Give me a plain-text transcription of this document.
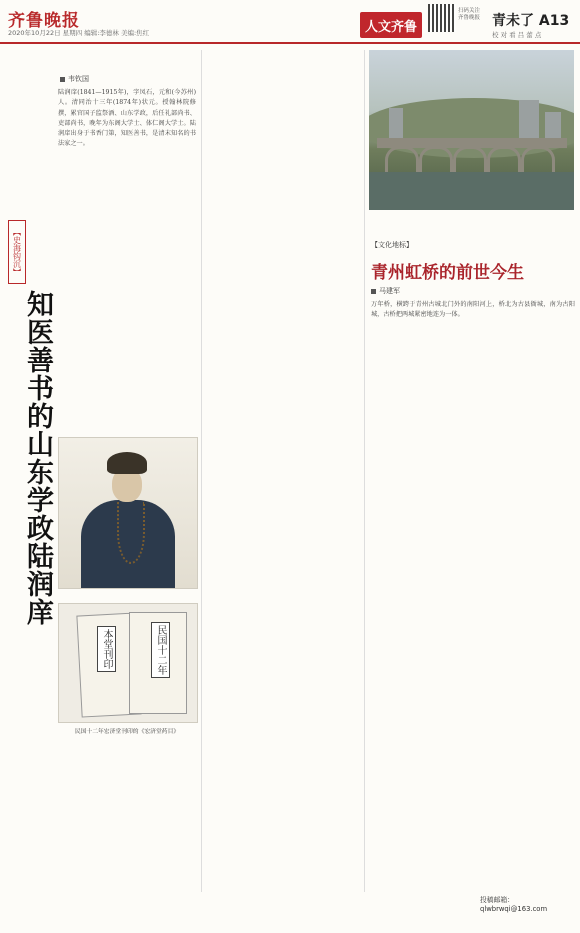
齐鲁晚报
2020年10月22日 星期四 编辑:李德林 美编:焦红	人文齐鲁
扫码关注 齐鲁晚报 青未了 A13
校 对 看 吕 蕾 点
【史海钩沉】
知医善书的山东学政陆润庠
韦钦国
陆润庠(1841—1915年)，字凤石，元和(今苏州)人。清同治十三年(1874年)状元。授翰林院修撰，累官国子监祭酒、山东学政，后任礼部尚书、吏部尚书，晚年为东阁大学士、体仁阁大学士。陆润庠出身于书香门第，知医善书，是清末知名的书法家之一。
本堂刊印	民国十二年
民国十二年宏济堂刊印的《宏济堂药目》
【文化地标】
青州虹桥的前世今生
马建军
万年桥，横跨于青州古城北门外的南阳河上，桥北为古县衙城，南为古阳城，古桥把两城紧密地连为一体。
投稿邮箱：
qlwbrwqi@163.com
